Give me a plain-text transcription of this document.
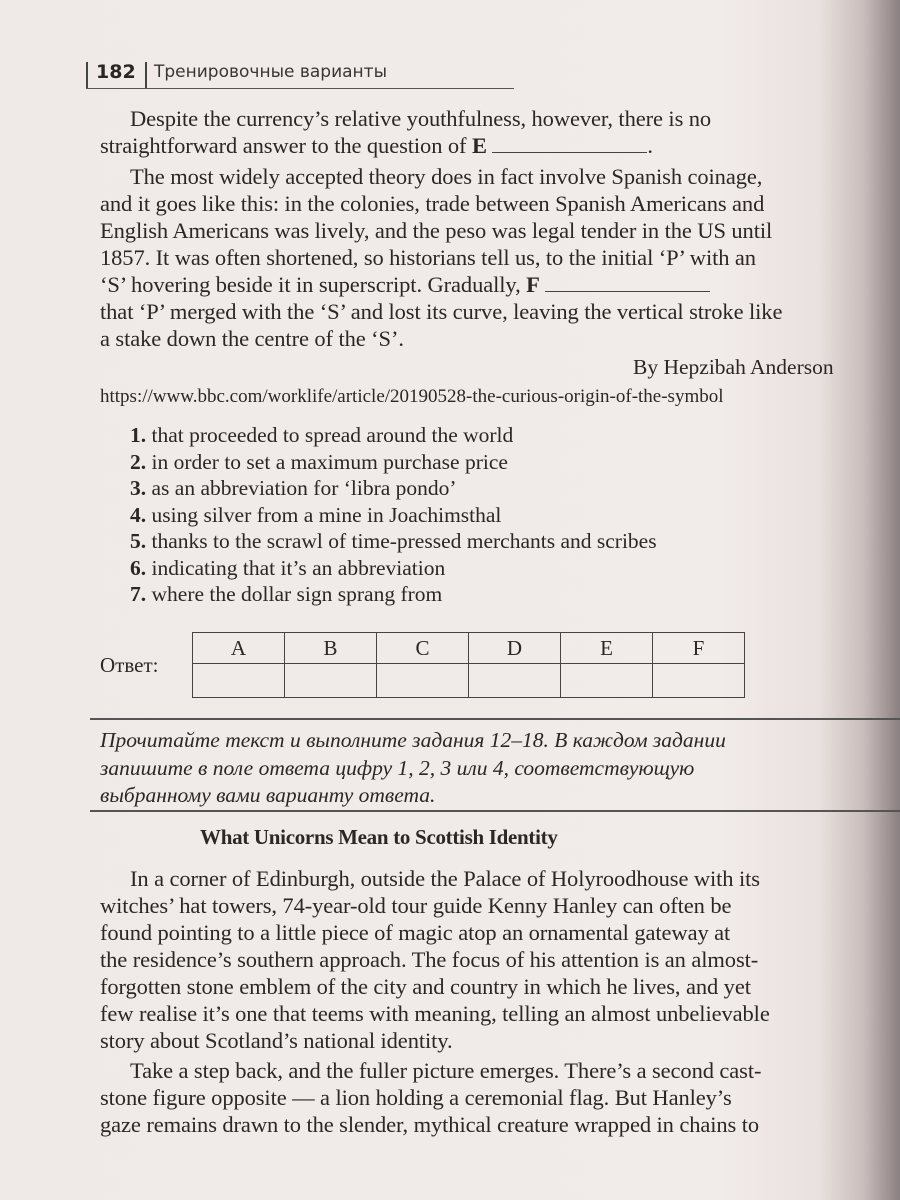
182 Тренировочные варианты
Despite the currency’s relative youthfulness, however, there is no
straightforward answer to the question of E	.
The most widely accepted theory does in fact involve Spanish coinage,
and it goes like this: in the colonies, trade between Spanish Americans and
English Americans was lively, and the peso was legal tender in the US until
1857. It was often shortened, so historians tell us, to the initial ‘P’ with an
‘S’ hovering beside it in superscript. Gradually, F
that ‘P’ merged with the ‘S’ and lost its curve, leaving the vertical stroke like
a stake down the centre of the ‘S’.
By Hepzibah Anderson
https://www.bbc.com/worklife/article/20190528-the-curious-origin-of-the-symbol
1. that proceeded to spread around the world
2. in order to set a maximum purchase price
3. as an abbreviation for ‘libra pondo’
4. using silver from a mine in Joachimsthal
5. thanks to the scrawl of time-pressed merchants and scribes
6. indicating that it’s an abbreviation
7. where the dollar sign sprang from
Ответ:
A	B	C	D	E	F

Прочитайте текст и выполните задания 12–18. В каждом задании
запишите в поле ответа цифру 1, 2, 3 или 4, соответствующую
выбранному вами варианту ответа.
What Unicorns Mean to Scottish Identity
In a corner of Edinburgh, outside the Palace of Holyroodhouse with its
witches’ hat towers, 74-year-old tour guide Kenny Hanley can often be
found pointing to a little piece of magic atop an ornamental gateway at
the residence’s southern approach. The focus of his attention is an almost-
forgotten stone emblem of the city and country in which he lives, and yet
few realise it’s one that teems with meaning, telling an almost unbelievable
story about Scotland’s national identity.
Take a step back, and the fuller picture emerges. There’s a second cast-
stone figure opposite — a lion holding a ceremonial flag. But Hanley’s
gaze remains drawn to the slender, mythical creature wrapped in chains to
